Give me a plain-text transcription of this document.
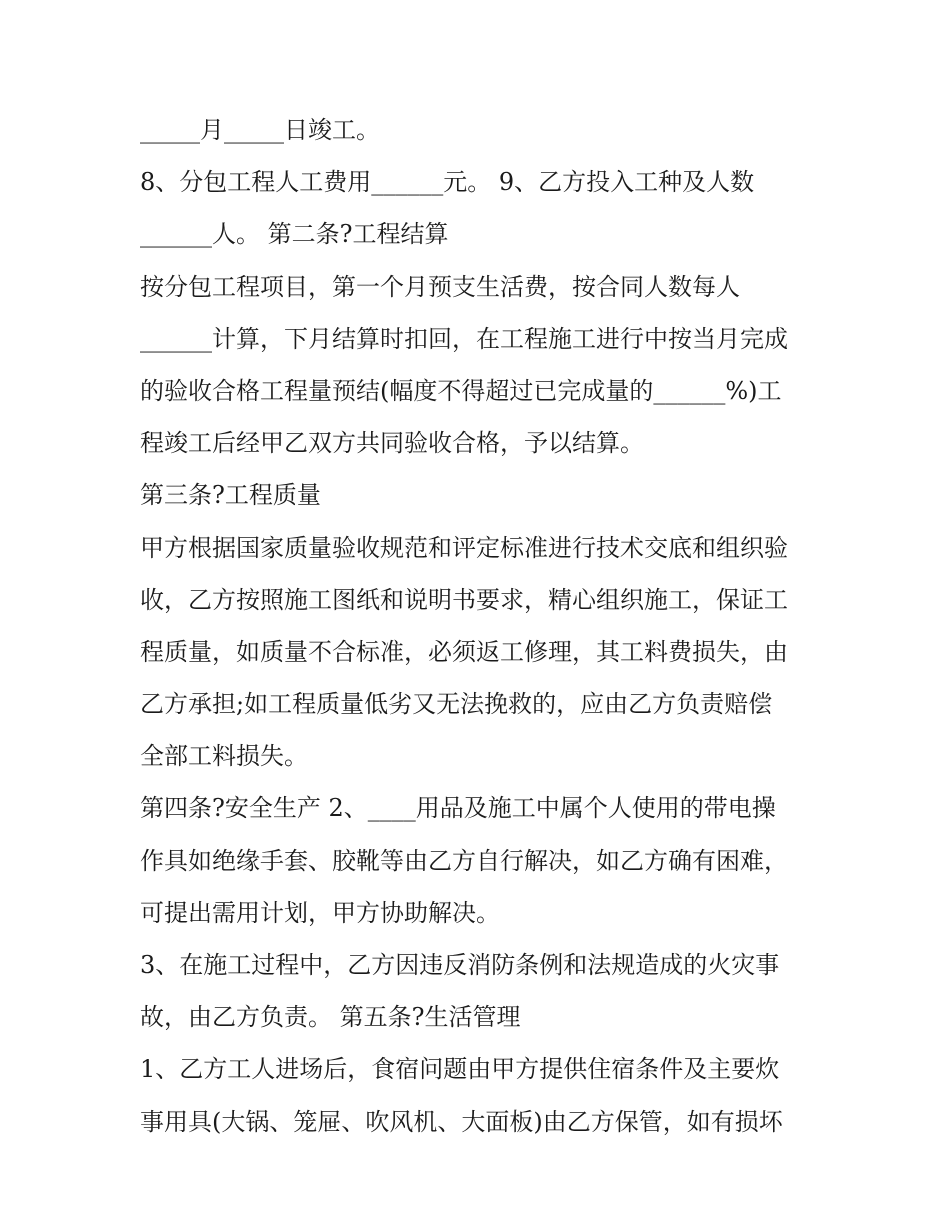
_____月_____日竣工。
8、分包工程人工费用______元。 9、乙方投入工种及人数
______人。 第二条?工程结算
按分包工程项目，第一个月预支生活费，按合同人数每人
______计算，下月结算时扣回，在工程施工进行中按当月完成
的验收合格工程量预结(幅度不得超过已完成量的______%)工
程竣工后经甲乙双方共同验收合格，予以结算。
第三条?工程质量
甲方根据国家质量验收规范和评定标准进行技术交底和组织验
收，乙方按照施工图纸和说明书要求，精心组织施工，保证工
程质量，如质量不合标准，必须返工修理，其工料费损失，由
乙方承担;如工程质量低劣又无法挽救的，应由乙方负责赔偿
全部工料损失。
第四条?安全生产 2、____用品及施工中属个人使用的带电操
作具如绝缘手套、胶靴等由乙方自行解决，如乙方确有困难，
可提出需用计划，甲方协助解决。
3、在施工过程中，乙方因违反消防条例和法规造成的火灾事
故，由乙方负责。 第五条?生活管理
1、乙方工人进场后，食宿问题由甲方提供住宿条件及主要炊
事用具(大锅、笼屉、吹风机、大面板)由乙方保管，如有损坏
